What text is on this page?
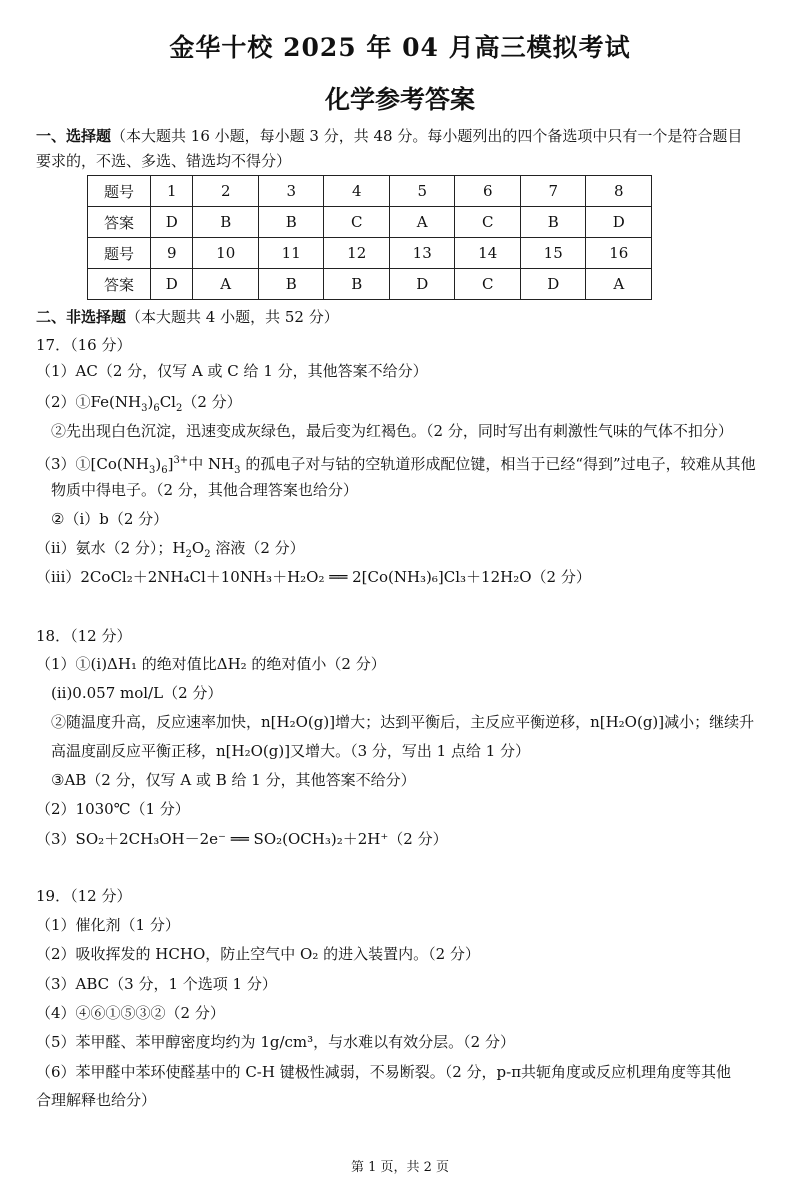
金华十校 2025 年 04 月高三模拟考试
化学参考答案
一、选择题（本大题共 16 小题，每小题 3 分，共 48 分。每小题列出的四个备选项中只有一个是符合题目
要求的，不选、多选、错选均不得分）
题号	1	2	3	4	5	6	7	8
答案	D	B	B	C	A	C	B	D
题号	9	10	11	12	13	14	15	16
答案	D	A	B	B	D	C	D	A
二、非选择题（本大题共 4 小题，共 52 分）
17．（16 分）
（1）AC（2 分，仅写 A 或 C 给 1 分，其他答案不给分）
$(2)①Fe(NH_3)_6Cl_2(2$ 分）
②先出现白色沉淀，迅速变成灰绿色，最后变为红褐色。（2 分，同时写出有刺激性气味的气体不扣分）
$(3)①[Co(NH_3)_6]^{3+}$中 $NH_3$ 的孤电子对与钴的空轨道形成配位键，相当于已经“得到”过电子，较难从其他
物质中得电子。（2 分，其他合理答案也给分）
②（i）b（2 分）
（ii）氨水（2 分）；$H_2O_2$ 溶液（2 分）
（iii）2CoCl₂＋2NH₄Cl＋10NH₃＋H₂O₂ ══ 2[Co(NH₃)₆]Cl₃＋12H₂O（2 分）
18．（12 分）
（1）①(i)ΔH₁ 的绝对值比ΔH₂ 的绝对值小（2 分）
(ii)0.057 mol/L（2 分）
②随温度升高，反应速率加快，n[H₂O(g)]增大；达到平衡后，主反应平衡逆移，n[H₂O(g)]减小；继续升
高温度副反应平衡正移，n[H₂O(g)]又增大。（3 分，写出 1 点给 1 分）
③AB（2 分，仅写 A 或 B 给 1 分，其他答案不给分）
（2）1030℃（1 分）
（3）SO₂＋2CH₃OH－2e⁻ ══ SO₂(OCH₃)₂＋2H⁺（2 分）
19．（12 分）
（1）催化剂（1 分）
（2）吸收挥发的 HCHO，防止空气中 O₂ 的进入装置内。（2 分）
（3）ABC（3 分，1 个选项 1 分）
（4）④⑥①⑤③②（2 分）
（5）苯甲醛、苯甲醇密度均约为 1g/cm³，与水难以有效分层。（2 分）
（6）苯甲醛中苯环使醛基中的 C-H 键极性减弱，不易断裂。（2 分，p-π共轭角度或反应机理角度等其他
合理解释也给分）
第 1 页，共 2 页
